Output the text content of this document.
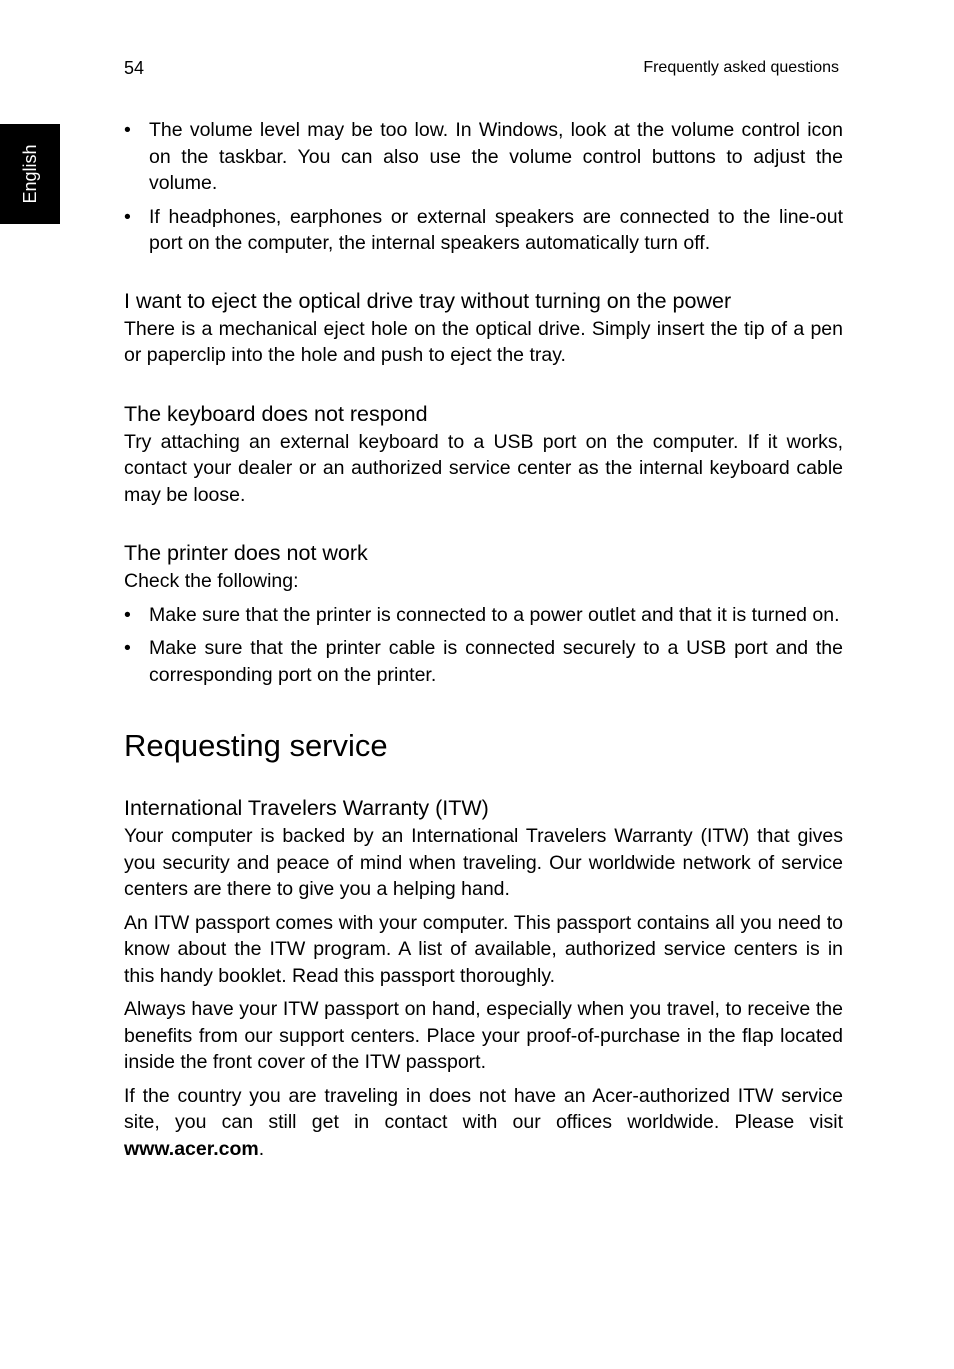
54	Frequently asked questions
English
• The volume level may be too low. In Windows, look at the volume control icon on the taskbar. You can also use the volume control buttons to adjust the volume.
• If headphones, earphones or external speakers are connected to the line-out port on the computer, the internal speakers automatically turn off.
I want to eject the optical drive tray without turning on the power

There is a mechanical eject hole on the optical drive. Simply insert the tip of a pen or paperclip into the hole and push to eject the tray.

The keyboard does not respond

Try attaching an external keyboard to a USB port on the computer. If it works, contact your dealer or an authorized service center as the internal keyboard cable may be loose.

The printer does not work

Check the following:

• Make sure that the printer is connected to a power outlet and that it is turned on.
• Make sure that the printer cable is connected securely to a USB port and the corresponding port on the printer.
Requesting service
International Travelers Warranty (ITW)

Your computer is backed by an International Travelers Warranty (ITW) that gives you security and peace of mind when traveling. Our worldwide network of service centers are there to give you a helping hand.

An ITW passport comes with your computer. This passport contains all you need to know about the ITW program. A list of available, authorized service centers is in this handy booklet. Read this passport thoroughly.

Always have your ITW passport on hand, especially when you travel, to receive the benefits from our support centers. Place your proof-of-purchase in the flap located inside the front cover of the ITW passport.

If the country you are traveling in does not have an Acer-authorized ITW service site, you can still get in contact with our offices worldwide. Please visit www.acer.com.
